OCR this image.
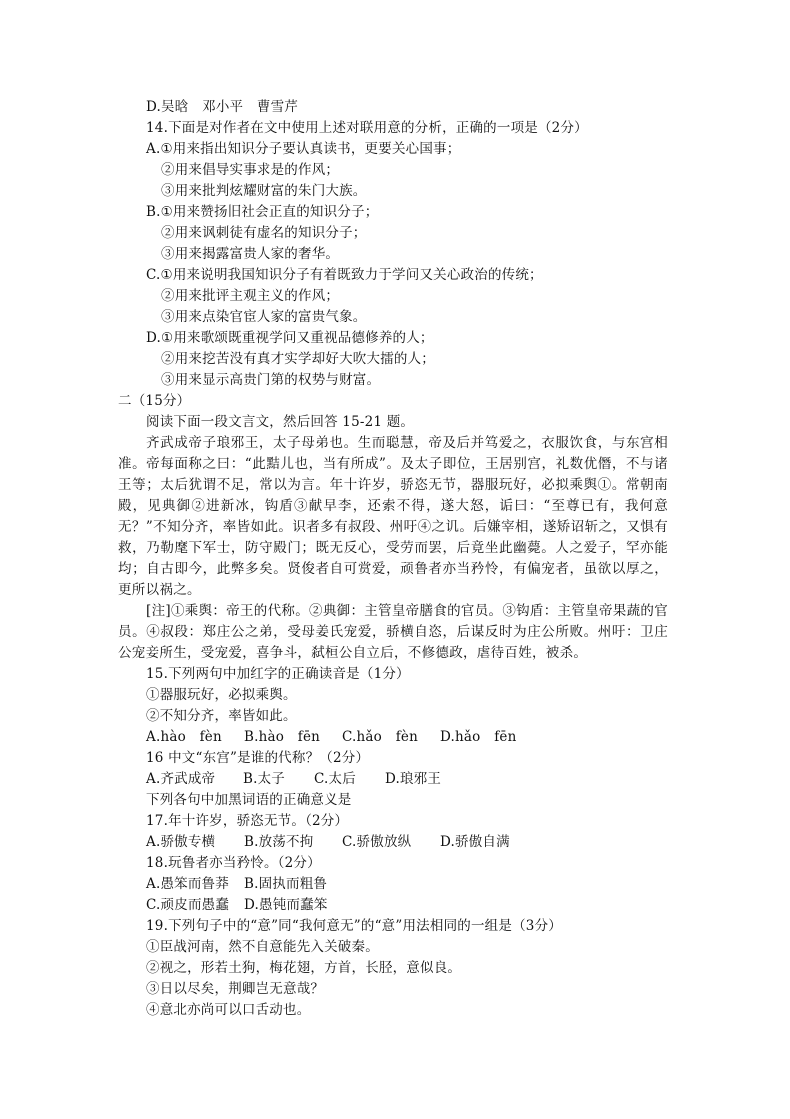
D.吴晗　邓小平　曹雪芹
14.下面是对作者在文中使用上述对联用意的分析，正确的一项是（2分）
A.①用来指出知识分子要认真读书，更要关心国事；
②用来倡导实事求是的作风；
③用来批判炫耀财富的朱门大族。
B.①用来赞扬旧社会正直的知识分子；
②用来讽刺徒有虚名的知识分子；
③用来揭露富贵人家的奢华。
C.①用来说明我国知识分子有着既致力于学问又关心政治的传统；
②用来批评主观主义的作风；
③用来点染官宦人家的富贵气象。
D.①用来歌颂既重视学问又重视品德修养的人；
②用来挖苦没有真才实学却好大吹大擂的人；
③用来显示高贵门第的权势与财富。
二（15分）
阅读下面一段文言文，然后回答 15-21 题。
齐武成帝子琅邪王，太子母弟也。生而聪慧，帝及后并笃爱之，衣服饮食，与东宫相准。帝每面称之曰：“此黠儿也，当有所成”。及太子即位，王居别宫，礼数优僭，不与诸王等；太后犹谓不足，常以为言。年十许岁，骄恣无节，器服玩好，必拟乘舆①。常朝南殿，见典御②进新冰，钩盾③献早李，还索不得，遂大怒，诟曰：“至尊已有，我何意无？”不知分齐，率皆如此。识者多有叔段、州吁④之讥。后嫌宰相，遂矫诏斩之，又惧有救，乃勒麾下军士，防守殿门；既无反心，受劳而罢，后竟坐此幽薨。人之爱子，罕亦能均；自古即今，此弊多矣。贤俊者自可赏爱，顽鲁者亦当矜怜，有偏宠者，虽欲以厚之，更所以祸之。
[注]①乘舆：帝王的代称。②典御：主管皇帝膳食的官员。③钩盾：主管皇帝果蔬的官员。④叔段：郑庄公之弟，受母姜氏宠爱，骄横自恣，后谋反时为庄公所败。州吁：卫庄公宠妾所生，受宠爱，喜争斗，弑桓公自立后，不修德政，虐待百姓，被杀。
15.下列两句中加红字的正确读音是（1分）
①器服玩好，必拟乘舆。
②不知分齐，率皆如此。
A.hào　fèn B.hào　fēn C.hǎo　fèn D.hǎo　fēn
16 中文“东宫”是谁的代称？（2分）
A.齐武成帝 B.太子 C.太后 D.琅邪王
下列各句中加黑词语的正确意义是
17.年十许岁，骄恣无节。（2分）
A.骄傲专横 B.放荡不拘 C.骄傲放纵 D.骄傲自满
18.玩鲁者亦当矜怜。（2分）
A.愚笨而鲁莽 B.固执而粗鲁
C.顽皮而愚蠢 D.愚钝而蠢笨
19.下列句子中的“意”同“我何意无”的“意”用法相同的一组是（3分）
①臣战河南，然不自意能先入关破秦。
②视之，形若土狗，梅花翅，方首，长胫，意似良。
③日以尽矣，荆卿岂无意哉？
④意北亦尚可以口舌动也。
